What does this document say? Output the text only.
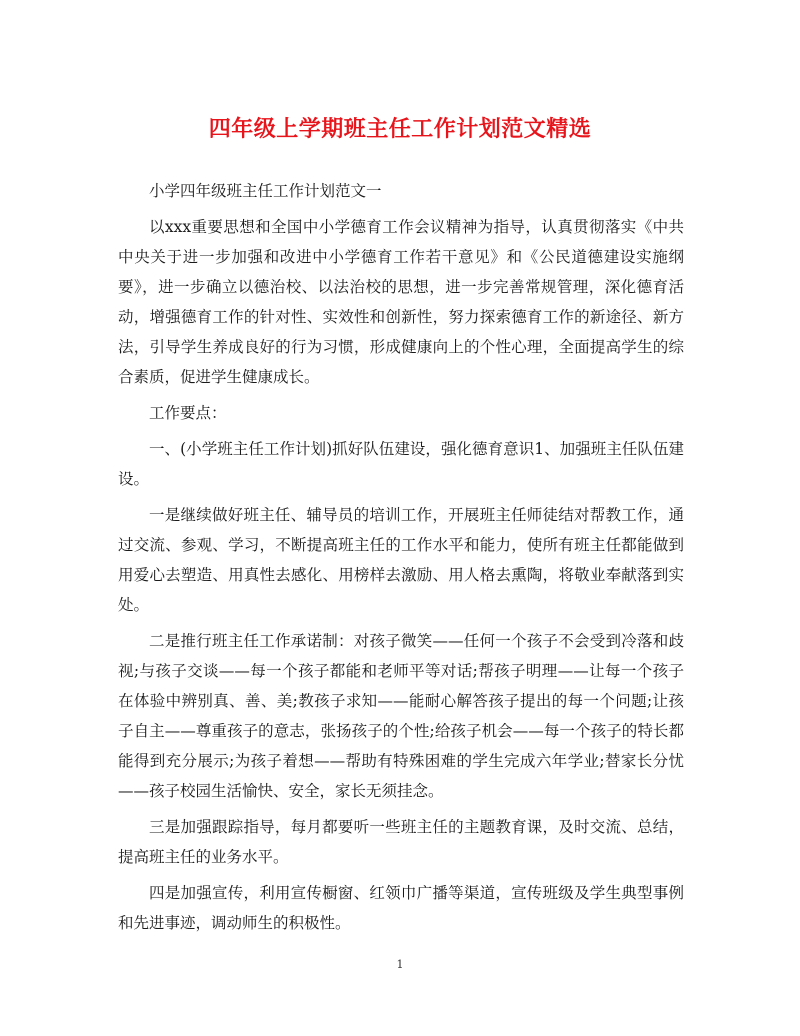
四年级上学期班主任工作计划范文精选

小学四年级班主任工作计划范文一

以xxx重要思想和全国中小学德育工作会议精神为指导，认真贯彻落实《中共中央关于进一步加强和改进中小学德育工作若干意见》和《公民道德建设实施纲要》，进一步确立以德治校、以法治校的思想，进一步完善常规管理，深化德育活动，增强德育工作的针对性、实效性和创新性，努力探索德育工作的新途径、新方法，引导学生养成良好的行为习惯，形成健康向上的个性心理，全面提高学生的综合素质，促进学生健康成长。

工作要点：

一、(小学班主任工作计划)抓好队伍建设，强化德育意识1、加强班主任队伍建设。

一是继续做好班主任、辅导员的培训工作，开展班主任师徒结对帮教工作，通过交流、参观、学习，不断提高班主任的工作水平和能力，使所有班主任都能做到用爱心去塑造、用真性去感化、用榜样去激励、用人格去熏陶，将敬业奉献落到实处。

二是推行班主任工作承诺制：对孩子微笑——任何一个孩子不会受到冷落和歧视;与孩子交谈——每一个孩子都能和老师平等对话;帮孩子明理——让每一个孩子在体验中辨别真、善、美;教孩子求知——能耐心解答孩子提出的每一个问题;让孩子自主——尊重孩子的意志，张扬孩子的个性;给孩子机会——每一个孩子的特长都能得到充分展示;为孩子着想——帮助有特殊困难的学生完成六年学业;替家长分忧——孩子校园生活愉快、安全，家长无须挂念。

三是加强跟踪指导，每月都要听一些班主任的主题教育课，及时交流、总结，提高班主任的业务水平。

四是加强宣传，利用宣传橱窗、红领巾广播等渠道，宣传班级及学生典型事例和先进事迹，调动师生的积极性。

1
